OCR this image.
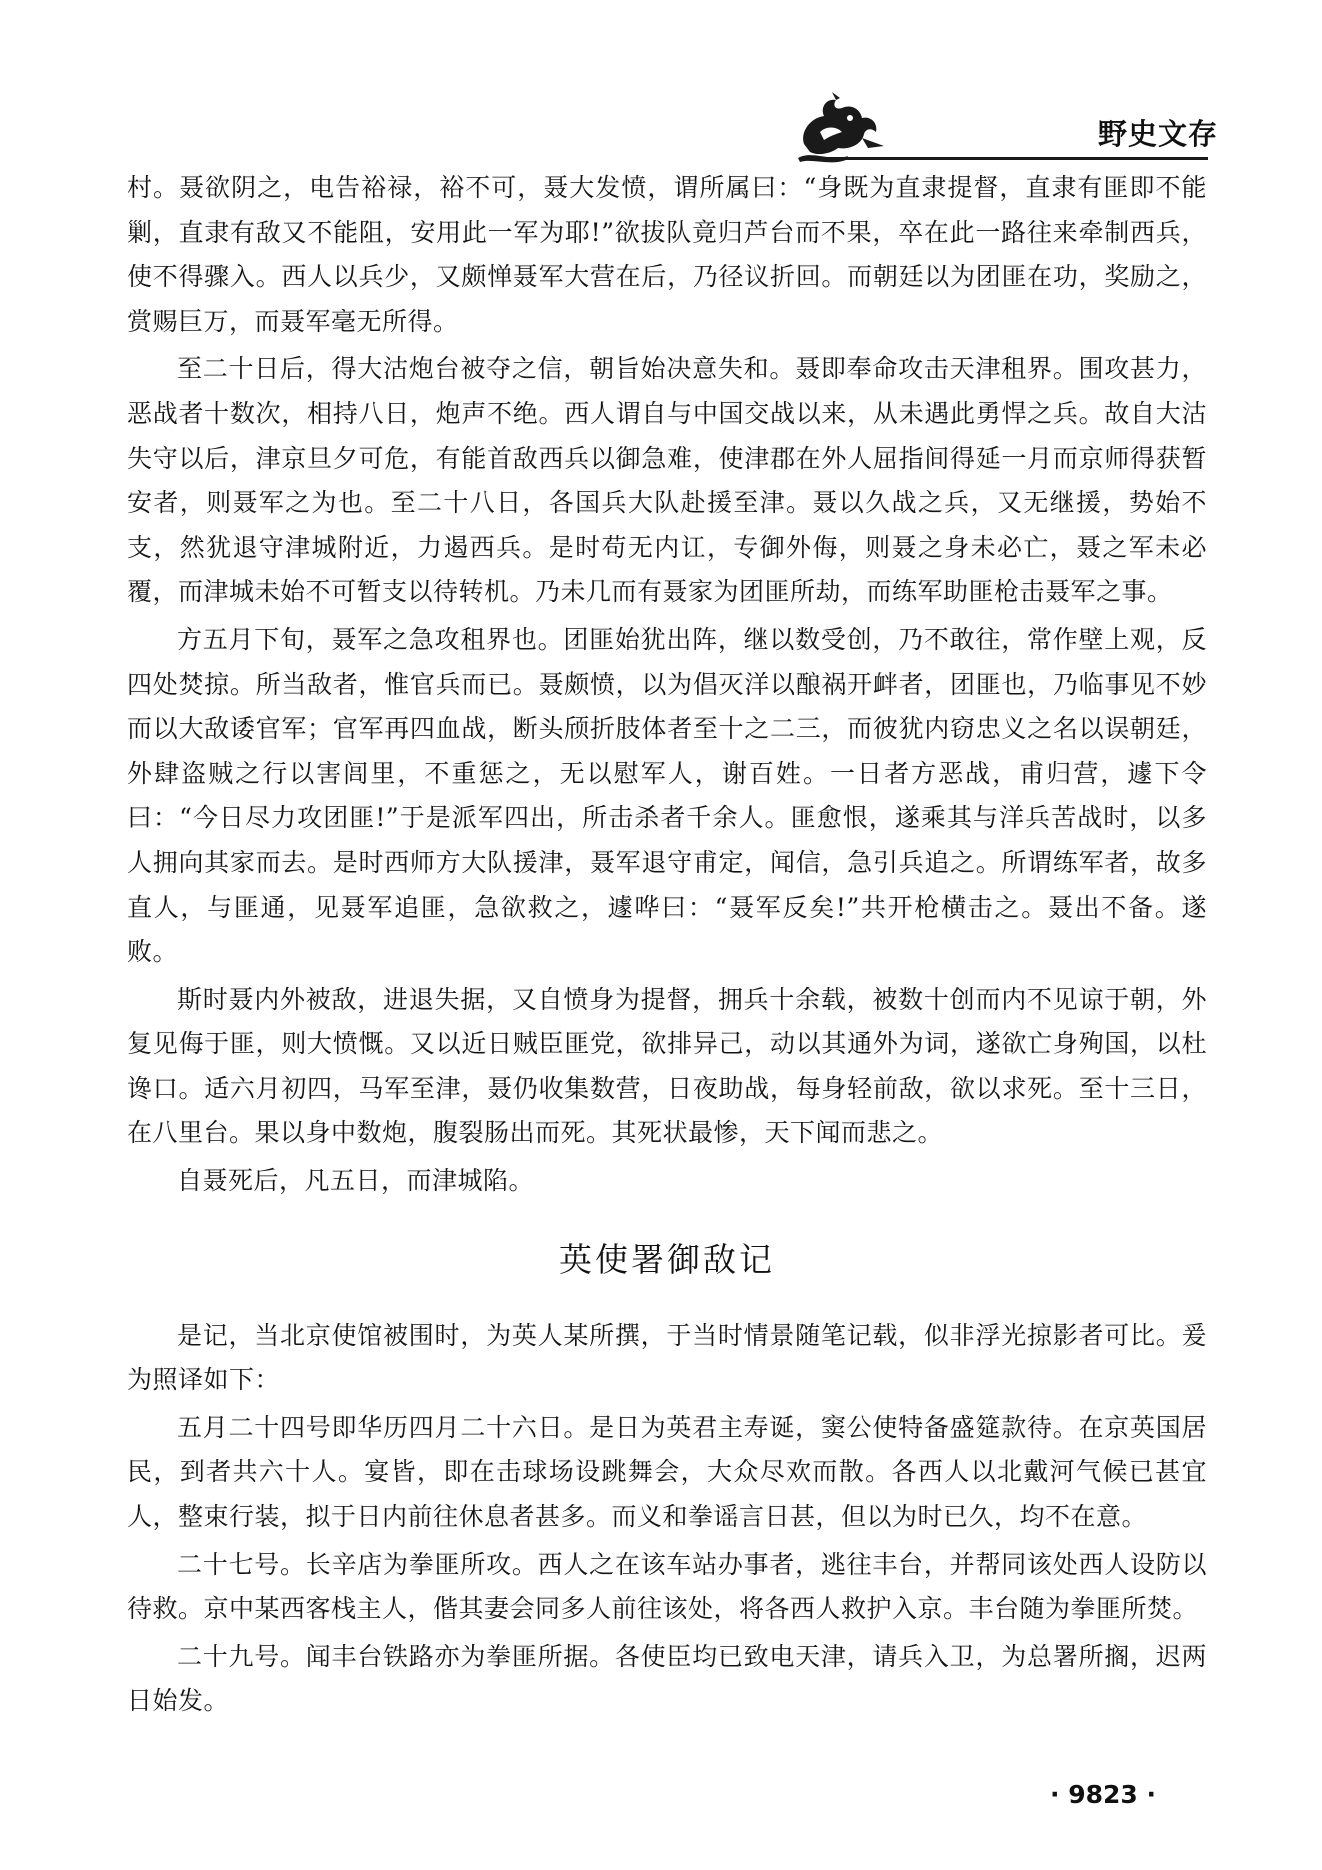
野史文存

村。聂欲阴之，电告裕禄，裕不可，聂大发愤，谓所属曰：“身既为直隶提督，直隶有匪即不能剿，直隶有敌又不能阻，安用此一军为耶!”欲拔队竟归芦台而不果，卒在此一路往来牵制西兵，使不得骤入。西人以兵少，又颇惮聂军大营在后，乃径议折回。而朝廷以为团匪在功，奖励之，赏赐巨万，而聂军毫无所得。

至二十日后，得大沽炮台被夺之信，朝旨始决意失和。聂即奉命攻击天津租界。围攻甚力，恶战者十数次，相持八日，炮声不绝。西人谓自与中国交战以来，从未遇此勇悍之兵。故自大沽失守以后，津京旦夕可危，有能首敌西兵以御急难，使津郡在外人屈指间得延一月而京师得获暂安者，则聂军之为也。至二十八日，各国兵大队赴援至津。聂以久战之兵，又无继援，势始不支，然犹退守津城附近，力遏西兵。是时苟无内讧，专御外侮，则聂之身未必亡，聂之军未必覆，而津城未始不可暂支以待转机。乃未几而有聂家为团匪所劫，而练军助匪枪击聂军之事。

方五月下旬，聂军之急攻租界也。团匪始犹出阵，继以数受创，乃不敢往，常作壁上观，反四处焚掠。所当敌者，惟官兵而已。聂颇愤，以为倡灭洋以酿祸开衅者，团匪也，乃临事见不妙而以大敌诿官军；官军再四血战，断头颀折肢体者至十之二三，而彼犹内窃忠义之名以误朝廷，外肆盗贼之行以害闾里，不重惩之，无以慰军人，谢百姓。一日者方恶战，甫归营，遽下令曰：“今日尽力攻团匪!”于是派军四出，所击杀者千余人。匪愈恨，遂乘其与洋兵苦战时，以多人拥向其家而去。是时西师方大队援津，聂军退守甫定，闻信，急引兵追之。所谓练军者，故多直人，与匪通，见聂军追匪，急欲救之，遽哗曰：“聂军反矣!”共开枪横击之。聂出不备。遂败。

斯时聂内外被敌，进退失据，又自愤身为提督，拥兵十余载，被数十创而内不见谅于朝，外复见侮于匪，则大愤慨。又以近日贼臣匪党，欲排异己，动以其通外为词，遂欲亡身殉国，以杜谗口。适六月初四，马军至津，聂仍收集数营，日夜助战，每身轻前敌，欲以求死。至十三日，在八里台。果以身中数炮，腹裂肠出而死。其死状最惨，天下闻而悲之。

自聂死后，凡五日，而津城陷。

英使署御敌记

是记，当北京使馆被围时，为英人某所撰，于当时情景随笔记载，似非浮光掠影者可比。爰为照译如下：

五月二十四号即华历四月二十六日。是日为英君主寿诞，窦公使特备盛筵款待。在京英国居民，到者共六十人。宴皆，即在击球场设跳舞会，大众尽欢而散。各西人以北戴河气候已甚宜人，整束行装，拟于日内前往休息者甚多。而义和拳谣言日甚，但以为时已久，均不在意。

二十七号。长辛店为拳匪所攻。西人之在该车站办事者，逃往丰台，并帮同该处西人设防以待救。京中某西客栈主人，偕其妻会同多人前往该处，将各西人救护入京。丰台随为拳匪所焚。

二十九号。闻丰台铁路亦为拳匪所据。各使臣均已致电天津，请兵入卫，为总署所搁，迟两日始发。

· 9823 ·
